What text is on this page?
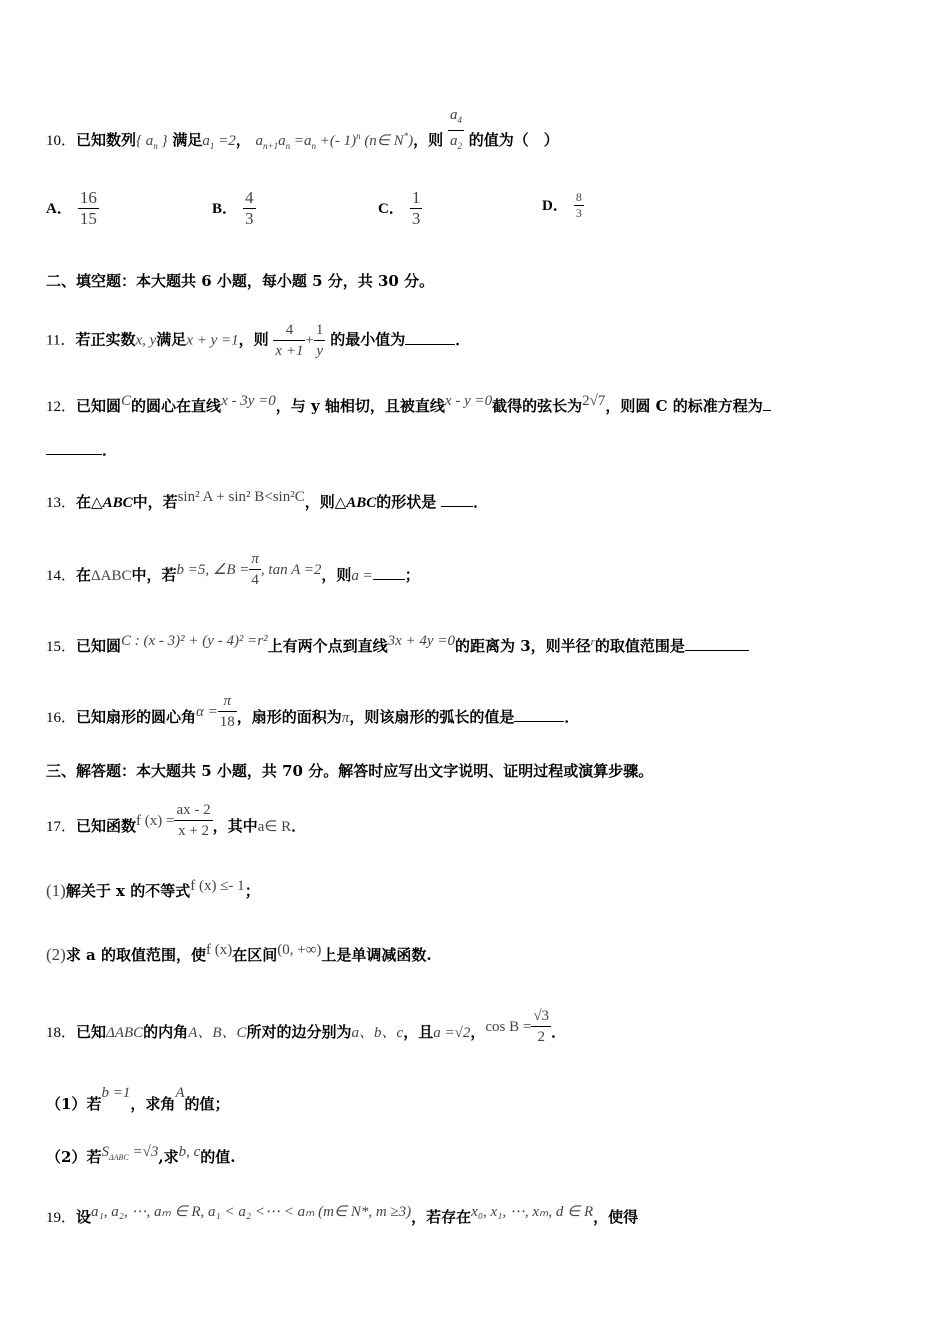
10．已知数列{ $a_n$ } 满足$a_1 =2$， $a_{n+1}a_n =a_n$ +(- 1)$^n$ (n∈ N*)，则 $\frac{a_4}{a_2}$ 的值为（　）
A． $\frac{16}{15}$	B． $\frac{4}{3}$	C． $\frac{1}{3}$	D． $\frac{8}{3}$
二、填空题：本大题共 6 小题，每小题 5 分，共 30 分。
11．若正实数x, y满足x + y =1，则 $\frac{4}{x +1} + \frac{1}{y}$ 的最小值为	．
12．已知圆C的圆心在直线x - 3y =0，与 y 轴相切，且被直线x - y =0截得的弦长为2√7，则圆 C 的标准方程为
．
13．在△ABC中，若sin² A + sin² B<sin²C，则△ABC的形状是 ．
14．在ΔABC中，若b =5, ∠B = $\frac{\pi}{4}$ , tan A =2，则a = ；
15．已知圆C : (x - 3)² + (y - 4)² =r²上有两个点到直线3x + 4y =0的距离为 3，则半径$^r$的取值范围是
16．已知扇形的圆心角$\alpha = \frac{\pi}{18}$ ，扇形的面积为π，则该扇形的弧长的值是	．
三、解答题：本大题共 5 小题，共 70 分。解答时应写出文字说明、证明过程或演算步骤。
17．已知函数f $(x) = \frac{ax - 2}{x + 2}$ ，其中a∈ R．
(1)解关于 x 的不等式f (x) ≤- 1；
(2)求 a 的取值范围，使f (x)在区间(0, +∞)上是单调减函数.
18．已知ΔABC的内角A、B、C所对的边分别为a、b、c，且a =√2，$\cos B = \frac{√3}{2}$ ．
（1）若b =1，求角A的值；
（2）若$S_{\Delta ABC} =√3$,求b, c的值.
19．设a₁, a₂, ⋯, aₘ ∈ R, a₁ < a₂ <⋯ < aₘ (m∈ N*, m ≥3)，若存在x₀, x₁, ⋯, xₘ, d ∈ R，使得
